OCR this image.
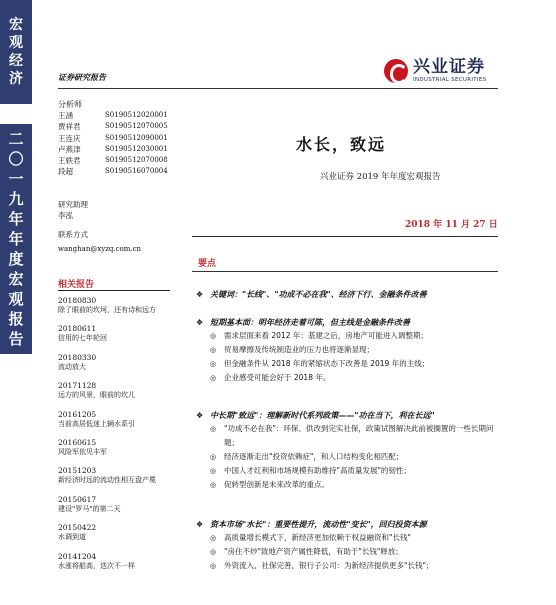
宏
观
经
济
二
〇
一
九
年
年
度
宏
观
报
告
证券研究报告
兴业证券
INDUSTRIAL SECURITIES
分析师
王涵	S0190512020001
贾祥君	S0190512070005
王连庆	S0190512090001
卢燕津	S0190512030001
王轶君	S0190512070008
段超	S0190516070004
研究助理
李泓
联系方式
wanghan@xyzq.com.cn
相关报告
20180830
除了眼前的坎坷，还有诗和远方
20180611
信用的七年轮回
20180330
流动放大
20171128
远方的风景，眼前的坎儿
20161205
当前高居低迷上辆水系引
20160615
风险军依见丰军
20151203
新经济时远的流动性相互盘产冕
20150617
建设"罗马"的第二天
20150422
水调到道
20141204
水涨将船高，迭次不一样
水长，致远
兴业证券 2019 年年度宏观报告
2018 年 11 月 27 日
要点
❖ 关键词："长线"、"功成不必在我"、经济下行、金融条件改善
❖ 短期基本面：明年经济走着可陈，但主线是金融条件改善
◎	需求层面来看 2012 年：基建之后，房地产可能进入调整期；
◎	贸易摩擦及传统制造业的压力也将逐渐显现；
◎	但金融条件从 2018 年的紧缩状态下改善是 2019 年的主线；
◎	企业感受可能会好于 2018 年。
❖ 中长期"致远"：理解新时代系列政策——"功在当下，利在长远"
◎	"功成不必在我"：环保、供改到完实社保，政策试图解决此前被搁置的一些长期问题；
◎	经济逐渐走出"投资依赖症"，和人口结构变化相匹配；
◎	中国人才红利和市场规模有助维持"高质量发展"的韧性；
◎	促转型创新是未来改革的重点。
❖ 资本市场"水长"：重要性提升，流动性"变长"，回归投资本源
◎	高质量增长模式下，新经济更加依赖于权益融资和"长钱"
◎	"房住不炒"致地产资产属性降低，有助于"长钱"释放；
◎	外资流入、社保完善，银行子公司：为新经济提供更多"长钱"；
